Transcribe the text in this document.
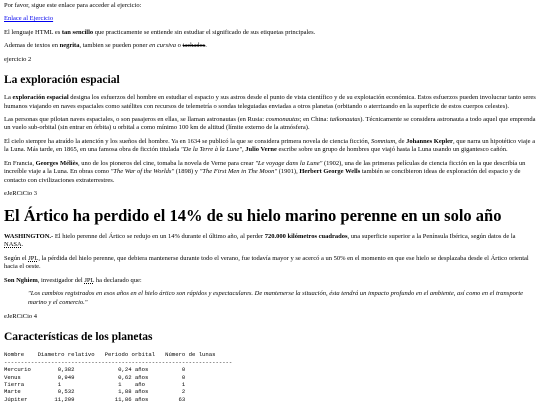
Por favor, sigue este enlace para acceder al ejercicio:

Enlace al Ejercicio

El lenguaje HTML es tan sencillo que practicamente se entiende sin estudiar el significado de sus etiquetas principales.

Ademas de textos en negrita, tambien se pueden poner en cursiva o tachados.

ejercicio 2
La exploración espacial

La exploración espacial designa los esfuerzos del hombre en estudiar el espacio y sus astros desde el punto de vista científico y de su explotación económica. Estos esfuerzos pueden involucrar tanto seres humanos viajando en naves espaciales como satélites con recursos de telemetría o sondas teleguiadas enviadas a otros planetas (orbitando o aterrizando en la superficie de estos cuerpos celestes).

Las personas que pilotan naves espaciales, o son pasajeros en ellas, se llaman astronautas (en Rusia: cosmonautas; en China: taikonautas). Técnicamente se considera astronauta a todo aquel que emprenda un vuelo sub-orbital (sin entrar en órbita) u orbital a como mínimo 100 km de altitud (límite externo de la atmósfera).

El cielo siempre ha atraído la atención y los sueños del hombre. Ya en 1634 se publicó la que se considera primera novela de ciencia ficción, Somnium, de Johannes Kepler, que narra un hipotético viaje a la Luna. Más tarde, en 1865, en una famosa obra de ficción titulada "De la Terre à la Lune", Julio Verne escribe sobre un grupo de hombres que viajó hasta la Luna usando un gigantesco cañón.

En Francia, Georges Méliès, uno de los pioneros del cine, tomaba la novela de Verne para crear "Le voyage dans la Lune" (1902), una de las primeras películas de ciencia ficción en la que describía un increíble viaje a la Luna. En obras como "The War of the Worlds" (1898) y "The First Men in The Moon" (1901), Herbert George Wells también se concibieron ideas de exploración del espacio y de contacto con civilizaciones extraterrestres.

eJeRCiCio 3
El Ártico ha perdido el 14% de su hielo marino perenne en un solo año

WASHINGTON.- El hielo perenne del Ártico se redujo en un 14% durante el último año, al perder 720.000 kilómetros cuadrados, una superficie superior a la Península Ibérica, según datos de la NASA.

Según el JPL, la pérdida del hielo perenne, que debiera mantenerse durante todo el verano, fue todavía mayor y se acercó a un 50% en el momento en que ese hielo se desplazaba desde el Ártico oriental hacia el oeste.

Son Nghiem, investigador del JPL ha declarado que:

"Los cambios registrados en esos años en el hielo ártico son rápidos y espectaculares. De mantenerse la situación, ésta tendrá un impacto profundo en el ambiente, así como en el transporte marino y el comercio."
eJeRCiCio 4
Características de los planetas
Nombre    Diametro relativo   Periodo orbital   Número de lunas
--------------------------------------------------------------------
Mercurio        0,382             0,24 años          0
Venus           0,949             0,62 años          0
Tierra          1                 1    año           1
Marte           0,532             1,88 años          2
Júpiter        11,209            11,86 años         63
